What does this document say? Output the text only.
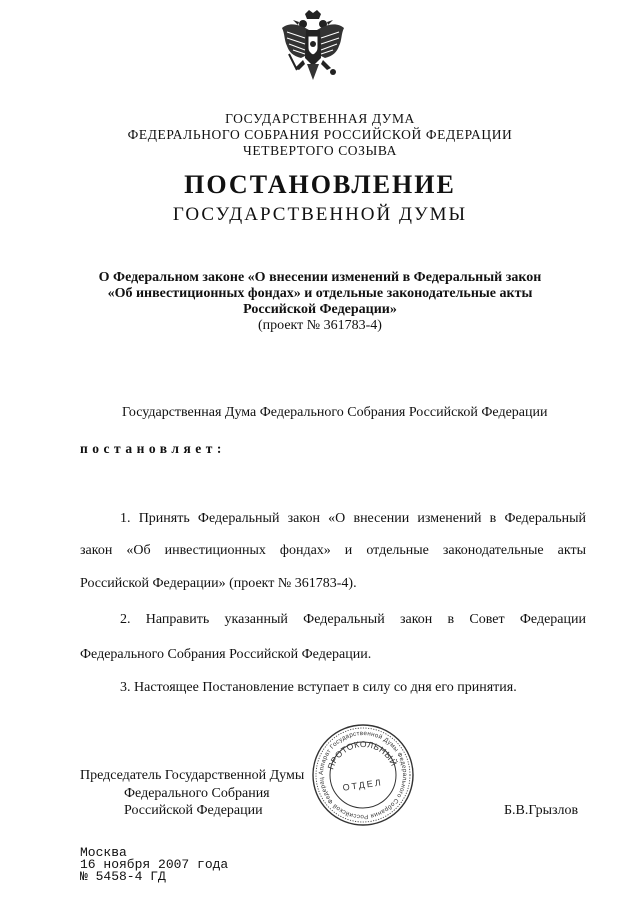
ГОСУДАРСТВЕННАЯ ДУМА
ФЕДЕРАЛЬНОГО СОБРАНИЯ РОССИЙСКОЙ ФЕДЕРАЦИИ
ЧЕТВЕРТОГО СОЗЫВА
ПОСТАНОВЛЕНИЕ
ГОСУДАРСТВЕННОЙ ДУМЫ
О Федеральном законе «О внесении изменений в Федеральный закон
«Об инвестиционных фондах» и отдельные законодательные акты
Российской Федерации»
(проект № 361783-4)
Государственная Дума Федерального Собрания Российской Федерации
постановляет:
1. Принять Федеральный закон «О внесении изменений в Федеральный
закон «Об инвестиционных фондах» и отдельные законодательные акты
Российской Федерации» (проект № 361783-4).
2. Направить указанный Федеральный закон в Совет Федерации
Федерального Собрания Российской Федерации.
3. Настоящее Постановление вступает в силу со дня его принятия.
Председатель Государственной Думы
Федерального Собрания
Российской Федерации	Б.В.Грызлов
Аппарат Государственной Думы Федерального Собрания Российской Федерац
ПРОТОКОЛЬНЫЙ
ОТДЕЛ
Москва
16 ноября 2007 года
№ 5458-4 ГД
